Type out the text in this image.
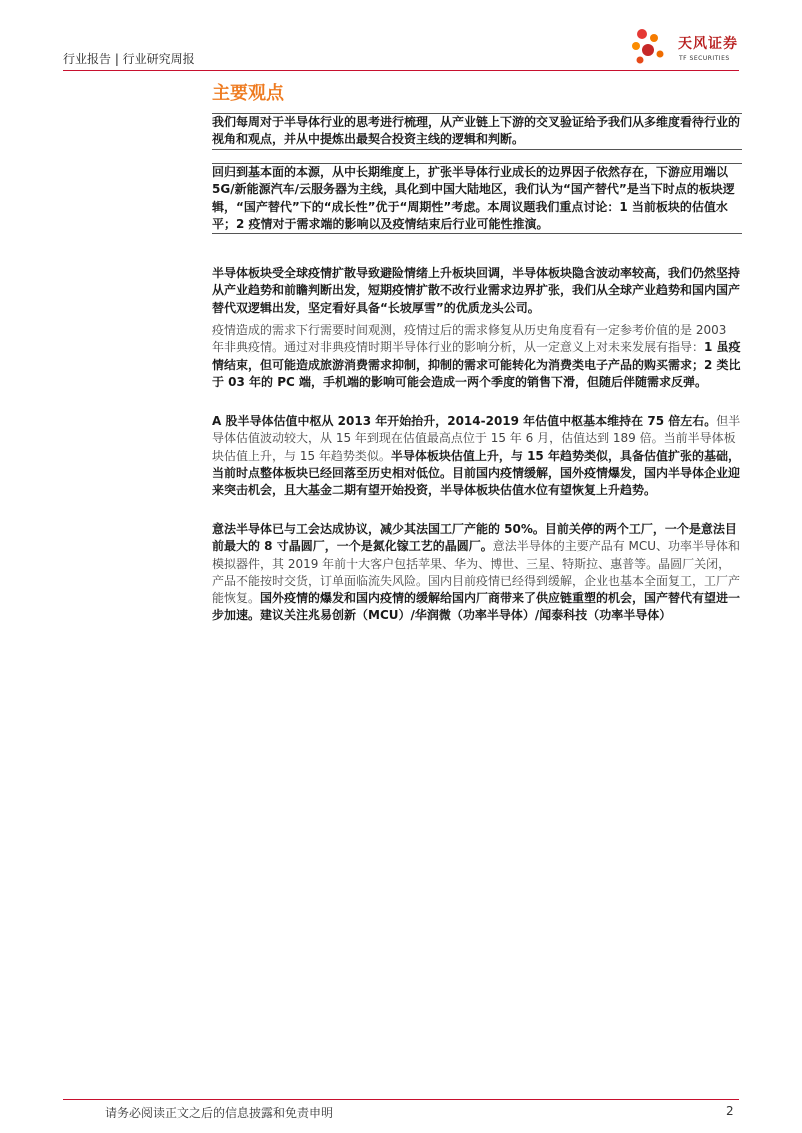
行业报告 | 行业研究周报
天风证券
TF SECURITIES
主要观点

我们每周对于半导体行业的思考进行梳理，从产业链上下游的交叉验证给予我们从多维度看待行业的视角和观点，并从中提炼出最契合投资主线的逻辑和判断。

回归到基本面的本源，从中长期维度上，扩张半导体行业成长的边界因子依然存在，下游应用端以 5G/新能源汽车/云服务器为主线，具化到中国大陆地区，我们认为“国产替代”是当下时点的板块逻辑，“国产替代”下的“成长性”优于“周期性”考虑。本周议题我们重点讨论：1 当前板块的估值水平；2 疫情对于需求端的影响以及疫情结束后行业可能性推演。

半导体板块受全球疫情扩散导致避险情绪上升板块回调，半导体板块隐含波动率较高，我们仍然坚持从产业趋势和前瞻判断出发，短期疫情扩散不改行业需求边界扩张，我们从全球产业趋势和国内国产替代双逻辑出发，坚定看好具备“长坡厚雪”的优质龙头公司。

疫情造成的需求下行需要时间观测，疫情过后的需求修复从历史角度看有一定参考价值的是 2003 年非典疫情。通过对非典疫情时期半导体行业的影响分析，从一定意义上对未来发展有指导：1 虽疫情结束，但可能造成旅游消费需求抑制，抑制的需求可能转化为消费类电子产品的购买需求；2 类比于 03 年的 PC 端，手机端的影响可能会造成一两个季度的销售下滑，但随后伴随需求反弹。

A 股半导体估值中枢从 2013 年开始抬升，2014-2019 年估值中枢基本维持在 75 倍左右。但半导体估值波动较大，从 15 年到现在估值最高点位于 15 年 6 月，估值达到 189 倍。当前半导体板块估值上升，与 15 年趋势类似。半导体板块估值上升，与 15 年趋势类似，具备估值扩张的基础，当前时点整体板块已经回落至历史相对低位。目前国内疫情缓解，国外疫情爆发，国内半导体企业迎来突击机会，且大基金二期有望开始投资，半导体板块估值水位有望恢复上升趋势。

意法半导体已与工会达成协议，减少其法国工厂产能的 50%。目前关停的两个工厂，一个是意法目前最大的 8 寸晶圆厂，一个是氮化镓工艺的晶圆厂。意法半导体的主要产品有 MCU、功率半导体和模拟器件，其 2019 年前十大客户包括苹果、华为、博世、三星、特斯拉、惠普等。晶圆厂关闭，产品不能按时交货，订单面临流失风险。国内目前疫情已经得到缓解，企业也基本全面复工，工厂产能恢复。国外疫情的爆发和国内疫情的缓解给国内厂商带来了供应链重塑的机会，国产替代有望进一步加速。建议关注兆易创新（MCU）/华润微（功率半导体）/闻泰科技（功率半导体）

请务必阅读正文之后的信息披露和免责申明	2
